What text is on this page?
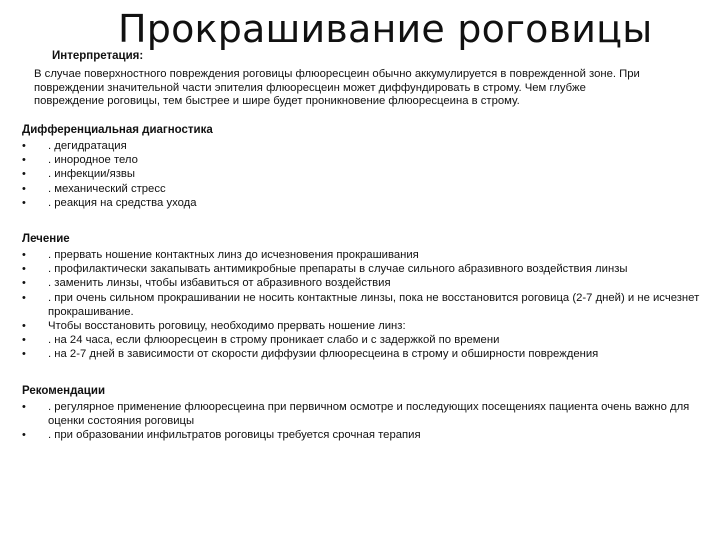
Прокрашивание роговицы
Интерпретация:
В случае поверхностного повреждения роговицы флюоресцеин обычно аккумулируется в поврежденной зоне. При
повреждении значительной части эпителия флюоресцеин может диффундировать в строму. Чем глубже
повреждение роговицы, тем быстрее и шире будет проникновение флюоресцеина в строму.
Дифференциальная диагностика
• . дегидратация
• . инородное тело
• . инфекции/язвы
• . механический стресс
• . реакция на средства ухода
Лечение
• . прервать ношение контактных линз до исчезновения прокрашивания
• . профилактически закапывать антимикробные препараты в случае сильного абразивного воздействия линзы
• . заменить линзы, чтобы избавиться от абразивного воздействия
• . при очень сильном прокрашивании не носить контактные линзы, пока не восстановится роговица (2-7 дней) и не исчезнет прокрашивание.
• Чтобы восстановить роговицу, необходимо прервать ношение линз:
• . на 24 часа, если флюоресцеин в строму проникает слабо и с задержкой по времени
• . на 2-7 дней в зависимости от скорости диффузии флюоресцеина в строму и обширности повреждения
Рекомендации
• . регулярное применение флюоресцеина при первичном осмотре и последующих посещениях пациента очень важно для оценки состояния роговицы
• . при образовании инфильтратов роговицы требуется срочная терапия
